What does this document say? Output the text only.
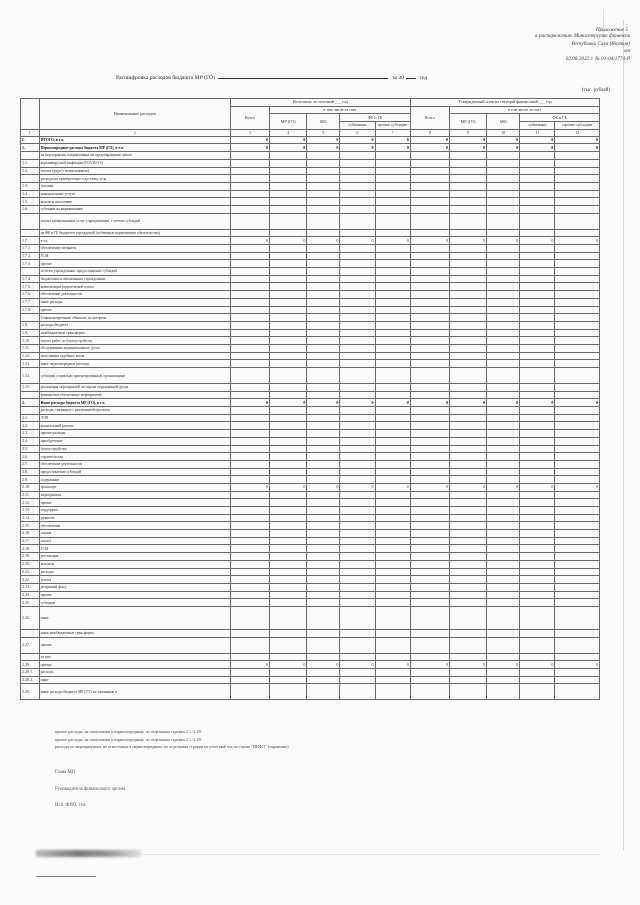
Приложение 5
к распоряжению Министерства финансов
Республики Саха (Якутия)
от
02.08.2022 г. № 01-04/1774-Р
Расшифровка расходов бюджета МР (ГО)	за 20	год
(тыс. рублей)
	Наименование расходов	Исполнено за отчетный ___ год					Утвержденный план на текущий финансовый ___ год				
		Всего	в том числе за счет				Всего	в том числе за счет			
			МР (ГО)	МО	ФБ и ГБ			МР (ГО)	МО	ФБ и ГБ	
					субвенции	прочие субсидии				субвенции	прочие субсидии
1	2	3	4	5	6	7	8	9	10	11	12
I.	ИТОГО, в т.ч.	0	0	0	0	0	0	0	0	0	0
1.	Первоочередные расходы бюджета МР (ГО), в т.ч.	0	0	0	0	0	0	0	0	0	0
	на мероприятия, направленные на предотвращение завоза										
1.1.	коронавирусной инфекции (COVID-19)										
1.2.	оплата труда (с начислениями)										
	расходы на приобретение и доставку угля										
1.3.	топлива										
1.4.	коммунальные услуги										
1.5.	выплаты населению										
1.6.	субсидии на выравнивание										
	оплата коммунальных услуг учреждениями, с учетом субсидий										
	на ФБ и ГБ бюджетов учреждений (публичные нормативные обязательства)										
1.7.	в т.ч.	0	0	0	0	0	0	0	0	0	0
1.7.1.	обеспечение питанием										
1.7.2.	ГСМ										
1.7.3.	прочие										
	по всем учреждениям, предоставление субсидий										
1.7.4.	бюджетным и автономным учреждениям										
1.7.5.	компенсации родительской платы										
1.7.6.	обеспечение деятельности										
1.7.7.	иные расходы										
1.7.8.	прочие										
	Софинансирование объектов, по которым										
1.8.	расходы бюджета										
1.9.	межбюджетные трансферты										
1.10.	оплата работ по благоустройству										
1.11.	обслуживание муниципального долга										
1.12.	исполнение судебных актов										
1.13.	иные первоочередные расходы										
1.14.	субсидии социально ориентированным организациям										
1.15.	реализация мероприятий по охране окружающей среды										
	финансовое обеспечение мероприятий										
2.	Иные расходы бюджета МР (ГО), в т.ч.	0	0	0	0	0	0	0	0	0	0
	расходы, связанные с реализацией проектов										
2.1.	ЛЭП										
2.2.	капитальный ремонт										
2.3.	прочие расходы										
2.4.	приобретение										
2.5.	благоустройство										
2.6.	строительство										
2.7.	обеспечение деятельности										
2.8.	предоставление субсидий										
2.9.	содержание										
2.10.	транспорт	0	0	0	0	0	0	0	0	0	0
2.11.	мероприятия										
2.12.	прочие										
2.13.	поддержка										
2.14.	развитие										
2.15.	обеспечение										
2.16.	охрана										
2.17.	оплата										
2.18.	ГСМ										
2.19.	реализация										
2.20.	выплаты										
2.21.	расходы										
2.22.	уплата										
2.23.	резервный фонд										
2.24.	прочие										
2.25.	субсидии										
2.26.	иные										
	иные межбюджетные трансферты										
2.27.	прочие										
	из них										
2.28.	прочие	0	0	0	0	0	0	0	0	0	0
2.28.1.	расходы										
2.28.2.	иные										
2.29.	иные расходы бюджета МР (ГО), не указанные в										
прочие расходы, не отнесенные к первоочередным, по отдельным строкам 2.1.-2.29.
прочие расходы, не отнесенные к первоочередным, по отдельным строкам 2.1.-2.29.
расходы по мероприятиям, не отнесенные к первоочередным, по отдельным строкам на отчетный год по строке "ИНФО" (справочно)
Глава МО
Руководитель финансового органа
Исп. ФИО, тел.
